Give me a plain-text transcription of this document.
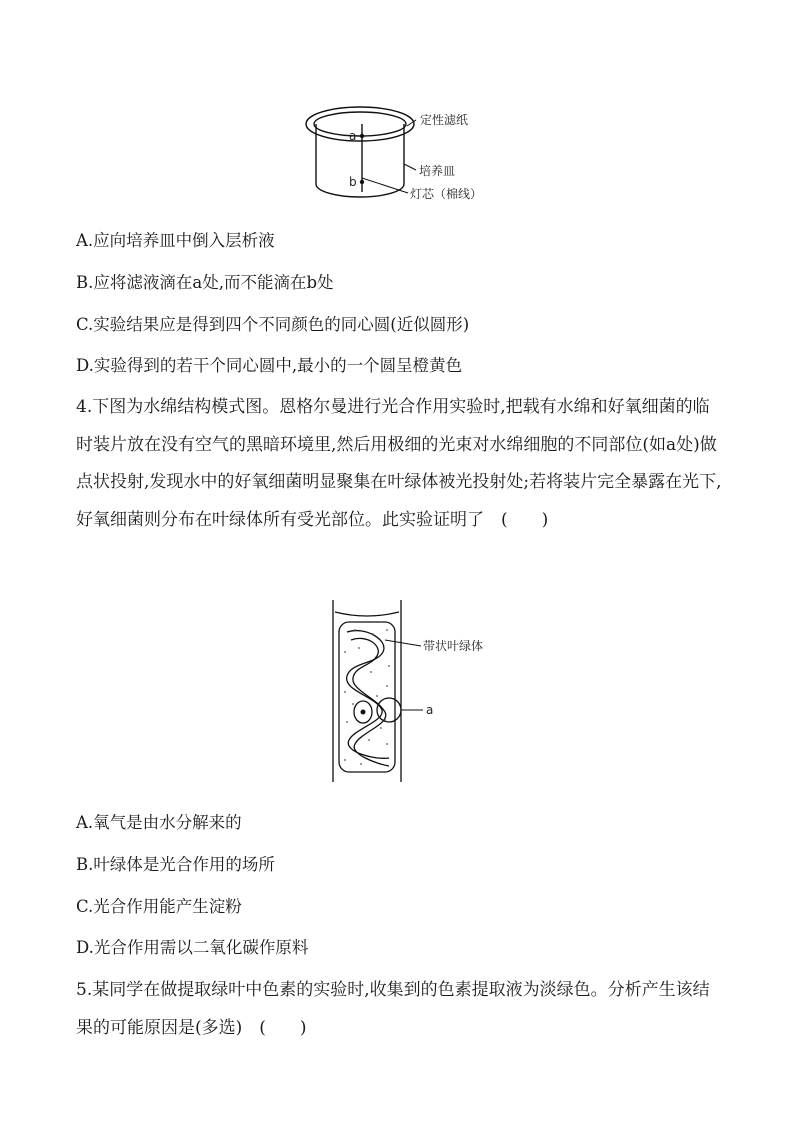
a
b
定性滤纸
培养皿
灯芯（棉线）
A.应向培养皿中倒入层析液
B.应将滤液滴在a处,而不能滴在b处
C.实验结果应是得到四个不同颜色的同心圆(近似圆形)
D.实验得到的若干个同心圆中,最小的一个圆呈橙黄色
4.下图为水绵结构模式图。恩格尔曼进行光合作用实验时,把载有水绵和好氧细菌的临时装片放在没有空气的黑暗环境里,然后用极细的光束对水绵细胞的不同部位(如a处)做点状投射,发现水中的好氧细菌明显聚集在叶绿体被光投射处;若将装片完全暴露在光下,好氧细菌则分布在叶绿体所有受光部位。此实验证明了　(　　)
带状叶绿体
a
A.氧气是由水分解来的
B.叶绿体是光合作用的场所
C.光合作用能产生淀粉
D.光合作用需以二氧化碳作原料
5.某同学在做提取绿叶中色素的实验时,收集到的色素提取液为淡绿色。分析产生该结果的可能原因是(多选)　(　　)
